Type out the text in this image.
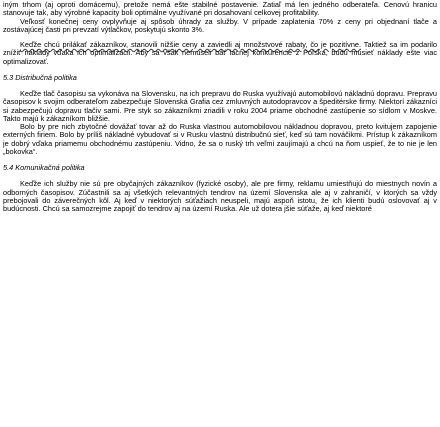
iným trhom (aj oproti domácemu), pretože nemá ešte stabilné postavenie. Zatiaľ má len jedného odberateľa. Cenovú hranicu stanovuje tak, aby výrobné kapacity boli optimálne využívané pri dosahovaní celkovej profitability.

Veľkosť konečnej ceny ovplyvňuje aj spôsob úhrady za služby. V prípade zaplatenia 70% z ceny pri objednaní tlače a zostávajúcej časti pri prevzatí výtlačkov, poskytujú skonto 3%.

Keďže chcú prilákať zákazníkov, stanovili nižšie ceny a zaviedli aj množstvové rabaty, čo je pozitívne. Taktiež sa im podarilo znížiť náklady vďaka ich optimalizácii. Aby sa však nemuseli báť lacnej konkurencie z Poľska, budú musieť náklady ešte viac optimalizovať.

5.3 Distribučná politika

Keďže tlač časopisu sa vykonáva na Slovensku, na ich prepravu do Ruska využívajú automobilovú nákladnú dopravu. Prepravu časopisov k svojim odberateľom zabezpečuje Slovenská Grafia cez zmluvných autodopravcov a špeditérske firmy. Niektorí zákazníci si zabezpečujú dopravu tlačiv sami. Pre styk so zákazníkmi zriadili v roku 2004 priame obchodné zastúpenie so sídlom v Moskve. Takto majú k zákazníkom bližšie.

Bolo by pre nich zbytočné dovážať tovar až do Ruska vlastnou automobilovou nákladnou dopravou, preto kvitujem zapojenie externých firiem. Bolo by príliš nákladné vybudovať si v Rusku vlastnú distribučnú sieť, keď sú tam nováčikmi. Prístup k zákazníkom je dobrý vďaka priamemu obchodnému zastúpeniu. Vidno, že sa o ruský trh veľmi zaujímajú a chcú na ňom uspieť, že to nie je len „bokovka“.

5.4 Komunikačná politika

Keďže ich služby nie sú pre obyčajných zákazníkov (fyzické osoby), ale pre firmy, reklamu umiestňujú do miestnych novín a odborných časopisov. Zúčastnili sa aj všetkých relevantných tendrov na území Slovenska ale aj v zahraničí, v ktorých sa vždy prebojovali do záverečných kôl. Aj keď v niektorých súťažiach neuspeli, majú aspoň istotu, že ich klienti budú oslovovať aj v budúcnosti. Chcú sa samozrejme zapojiť do tendrov aj na území Ruska. Ale už dotera jšie súťaže, aj keď niektoré
